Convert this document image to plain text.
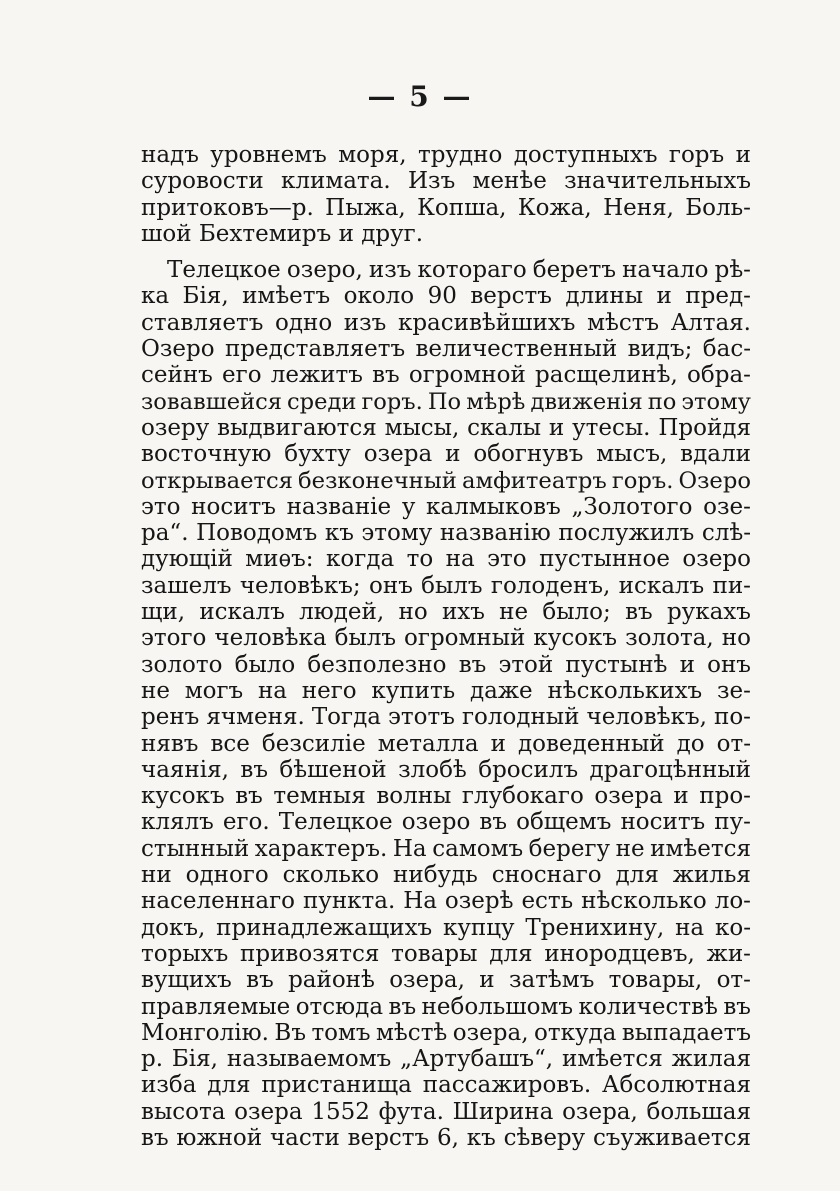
— 5 —
надъ уровнемъ моря, трудно доступныхъ горъ и
суровости климата. Изъ менѣе значительныхъ
притоковъ—р. Пыжа, Копша, Кожа, Неня, Боль-
шой Бехтемиръ и друг.
Телецкое озеро, изъ котораго беретъ начало рѣ-
ка Бія, имѣетъ около 90 верстъ длины и пред-
ставляетъ одно изъ красивѣйшихъ мѣстъ Алтая.
Озеро представляетъ величественный видъ; бас-
сейнъ его лежитъ въ огромной расщелинѣ, обра-
зовавшейся среди горъ. По мѣрѣ движенія по этому
озеру выдвигаются мысы, скалы и утесы. Пройдя
восточную бухту озера и обогнувъ мысъ, вдали
открывается безконечный амфитеатръ горъ. Озеро
это носитъ названіе у калмыковъ „Золотого озе-
ра“. Поводомъ къ этому названію послужилъ слѣ-
дующій миѳъ: когда то на это пустынное озеро
зашелъ человѣкъ; онъ былъ голоденъ, искалъ пи-
щи, искалъ людей, но ихъ не было; въ рукахъ
этого человѣка былъ огромный кусокъ золота, но
золото было безполезно въ этой пустынѣ и онъ
не могъ на него купить даже нѣсколькихъ зе-
ренъ ячменя. Тогда этотъ голодный человѣкъ, по-
нявъ все безсиліе металла и доведенный до от-
чаянія, въ бѣшеной злобѣ бросилъ драгоцѣнный
кусокъ въ темныя волны глубокаго озера и про-
клялъ его. Телецкое озеро въ общемъ носитъ пу-
стынный характеръ. На самомъ берегу не имѣется
ни одного сколько нибудь сноснаго для жилья
населеннаго пункта. На озерѣ есть нѣсколько ло-
докъ, принадлежащихъ купцу Тренихину, на ко-
торыхъ привозятся товары для инородцевъ, жи-
вущихъ въ районѣ озера, и затѣмъ товары, от-
правляемые отсюда въ небольшомъ количествѣ въ
Монголію. Въ томъ мѣстѣ озера, откуда выпадаетъ
р. Бія, называемомъ „Артубашъ“, имѣется жилая
изба для пристанища пассажировъ. Абсолютная
высота озера 1552 фута. Ширина озера, большая
въ южной части верстъ 6, къ сѣверу съуживается
